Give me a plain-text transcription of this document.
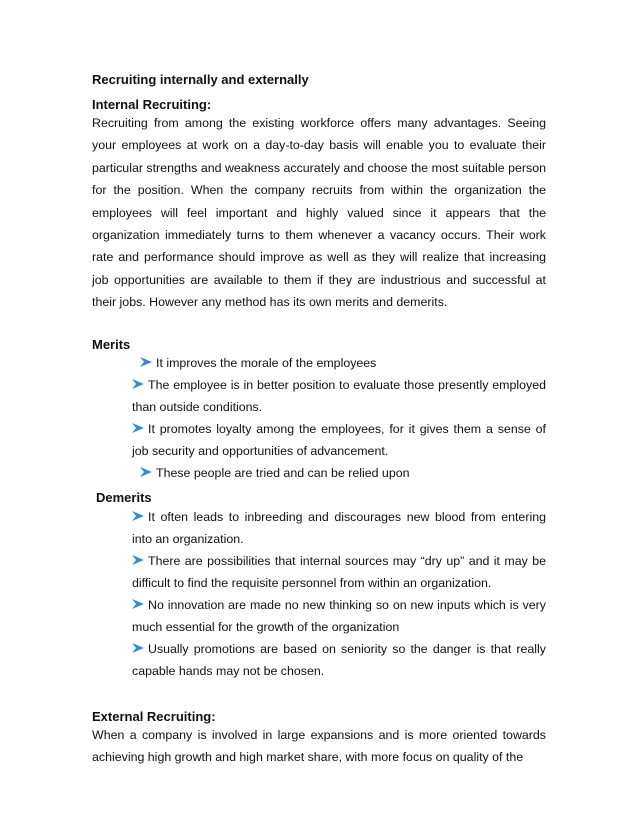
Recruiting internally and externally
Internal Recruiting:

Recruiting from among the existing workforce offers many advantages. Seeing your employees at work on a day-to-day basis will enable you to evaluate their particular strengths and weakness accurately and choose the most suitable person for the position. When the company recruits from within the organization the employees will feel important and highly valued since it appears that the organization immediately turns to them whenever a vacancy occurs. Their work rate and performance should improve as well as they will realize that increasing job opportunities are available to them if they are industrious and successful at their jobs. However any method has its own merits and demerits.

Merits

It improves the morale of the employees

The employee is in better position to evaluate those presently employed than outside conditions.

It promotes loyalty among the employees, for it gives them a sense of job security and opportunities of advancement.

These people are tried and can be relied upon

Demerits

It often leads to inbreeding and discourages new blood from entering into an organization.

There are possibilities that internal sources may “dry up” and it may be difficult to find the requisite personnel from within an organization.

No innovation are made no new thinking so on new inputs which is very much essential for the growth of the organization

Usually promotions are based on seniority so the danger is that really capable hands may not be chosen.

External Recruiting:

When a company is involved in large expansions and is more oriented towards achieving high growth and high market share, with more focus on quality of the
